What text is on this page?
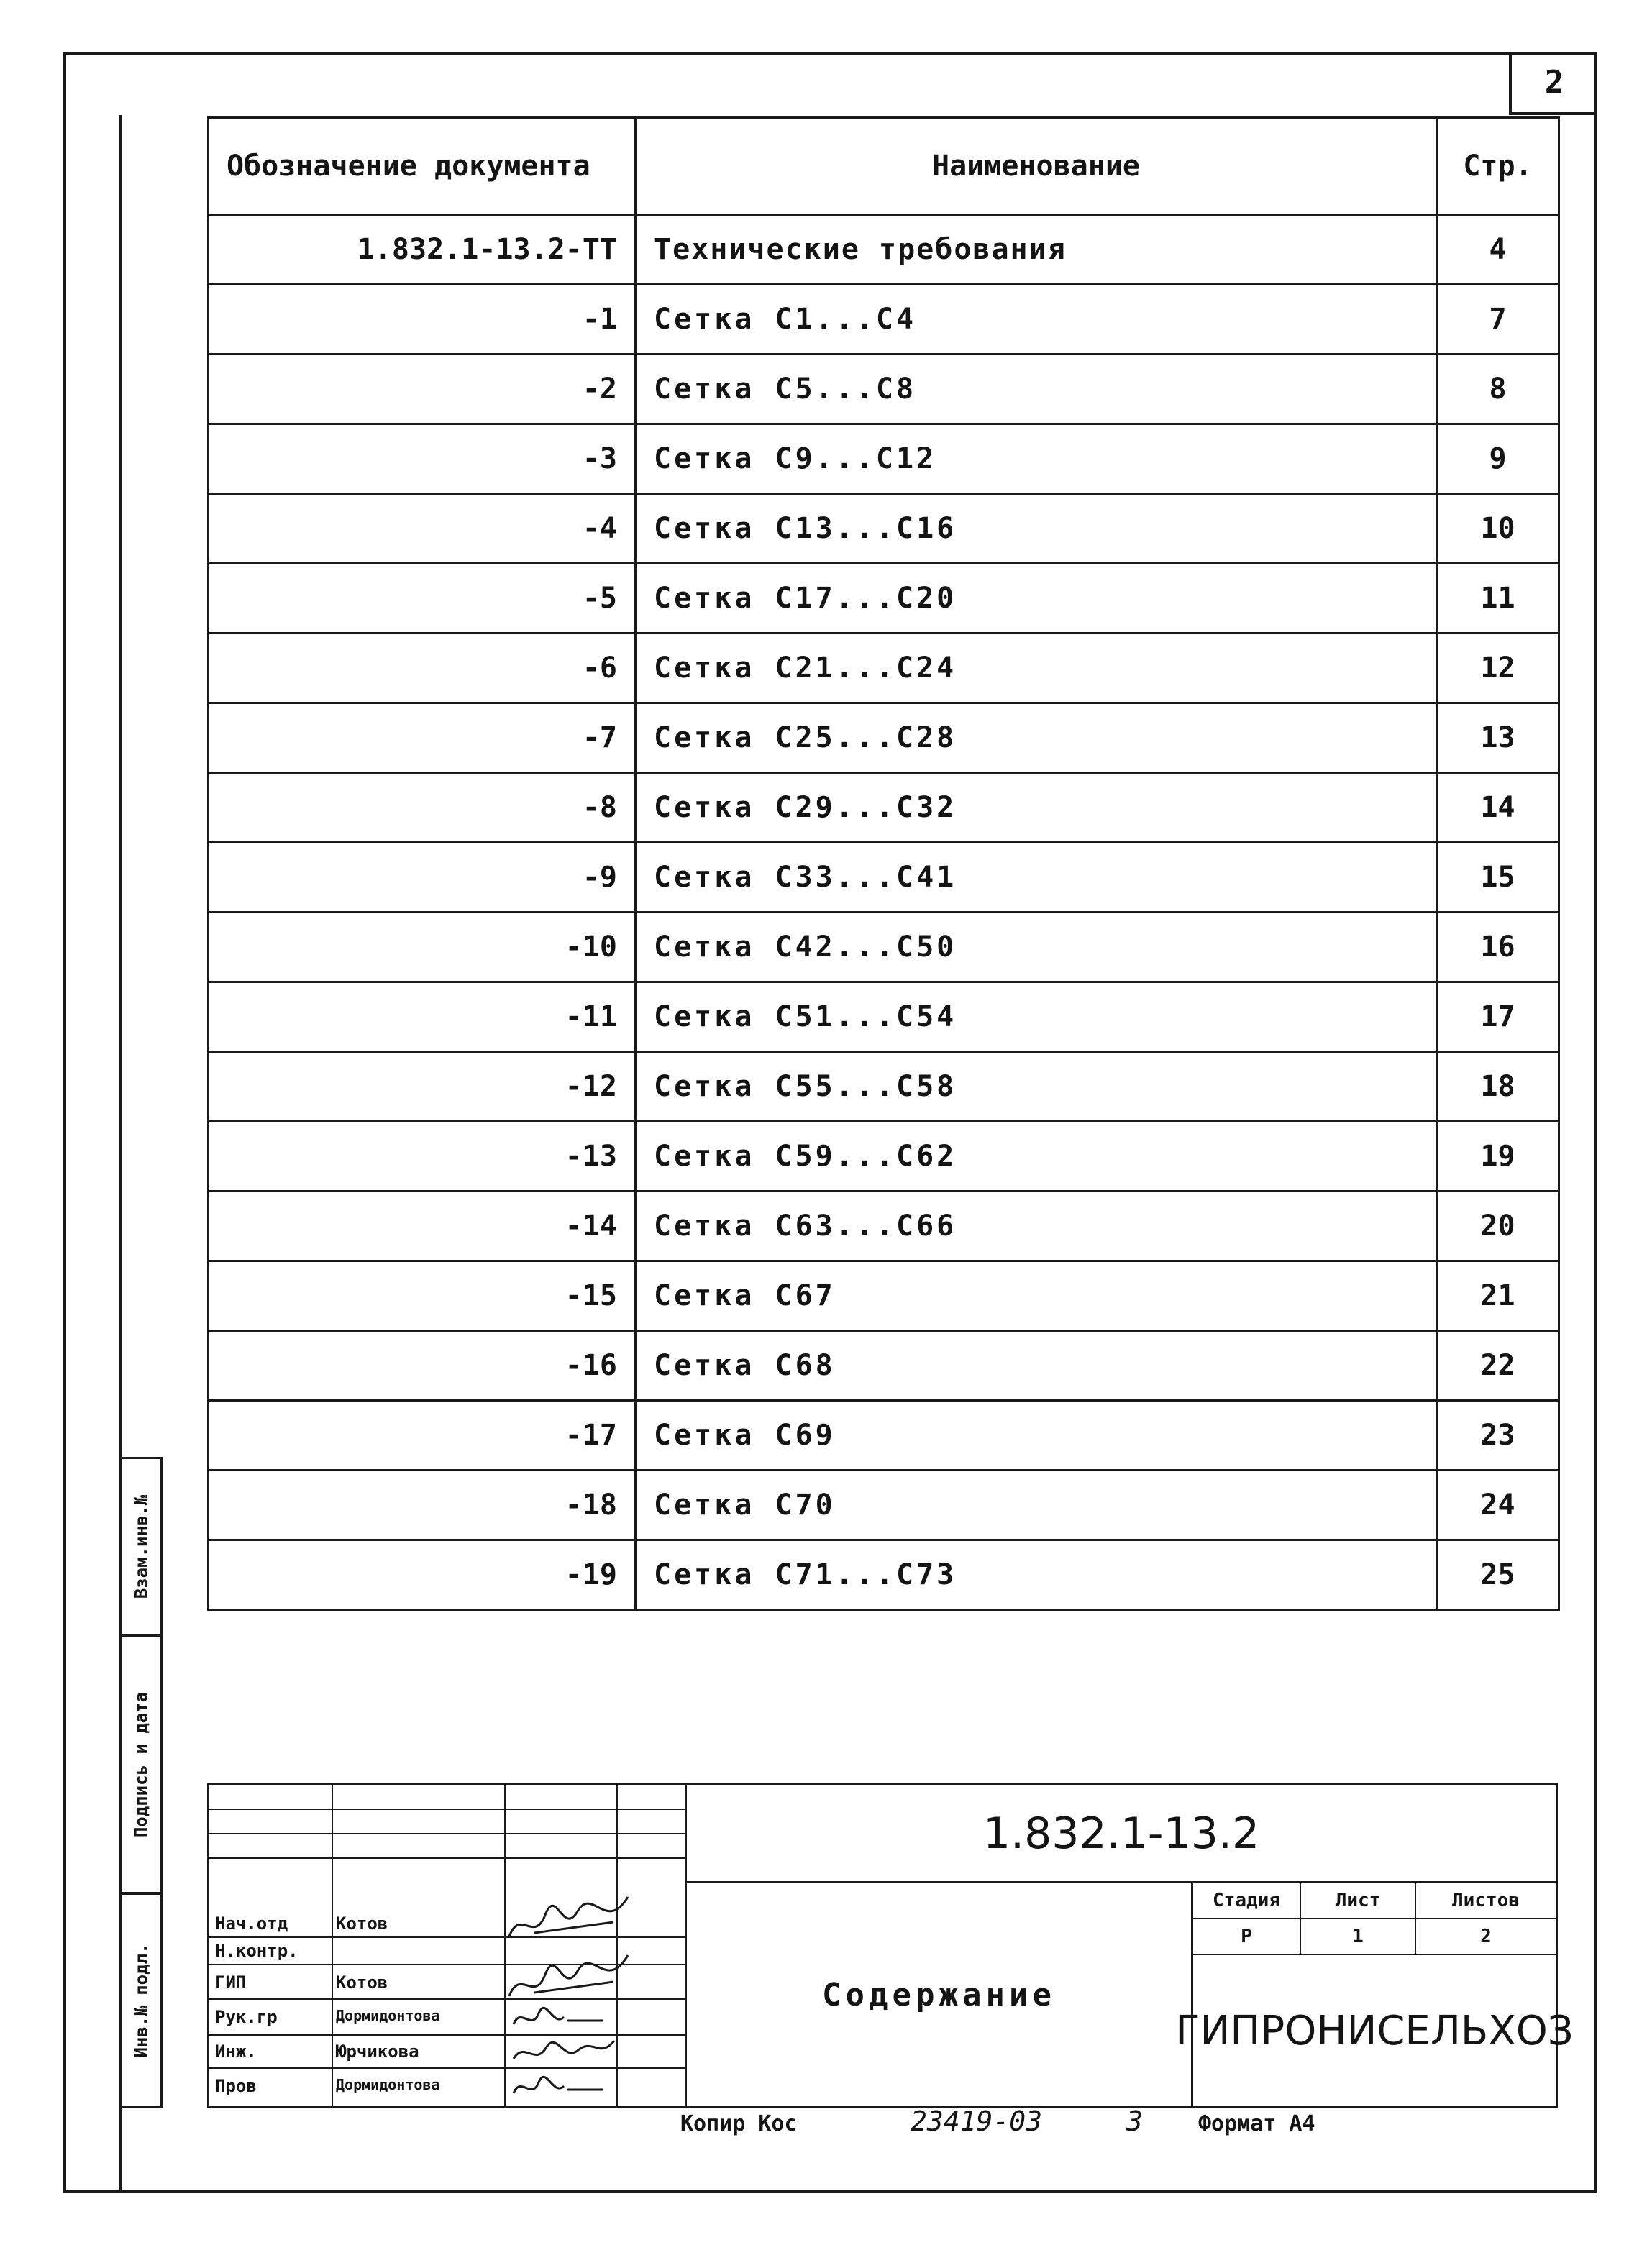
2
Обозначение документа	Наименование	Стр.
1.832.1-13.2-ТТ	Технические требования	4
-1	Сетка С1...С4	7
-2	Сетка С5...С8	8
-3	Сетка С9...С12	9
-4	Сетка С13...С16	10
-5	Сетка С17...С20	11
-6	Сетка С21...С24	12
-7	Сетка С25...С28	13
-8	Сетка С29...С32	14
-9	Сетка С33...С41	15
-10	Сетка С42...С50	16
-11	Сетка С51...С54	17
-12	Сетка С55...С58	18
-13	Сетка С59...С62	19
-14	Сетка С63...С66	20
-15	Сетка С67	21
-16	Сетка С68	22
-17	Сетка С69	23
-18	Сетка С70	24
-19	Сетка С71...С73	25
Взам.инв.№
Подпись и дата
Инв.№ подл.
Нач.отд	Котов
Н.контр.
ГИП	Котов
Рук.гр	Дормидонтова
Инж.	Юрчикова
Пров	Дормидонтова
1.832.1-13.2
Содержание
Стадия	Лист	Листов
Р	1	2
ГИПРОНИСЕЛЬХОЗ
Копир Кос	23419-03	3	Формат А4
